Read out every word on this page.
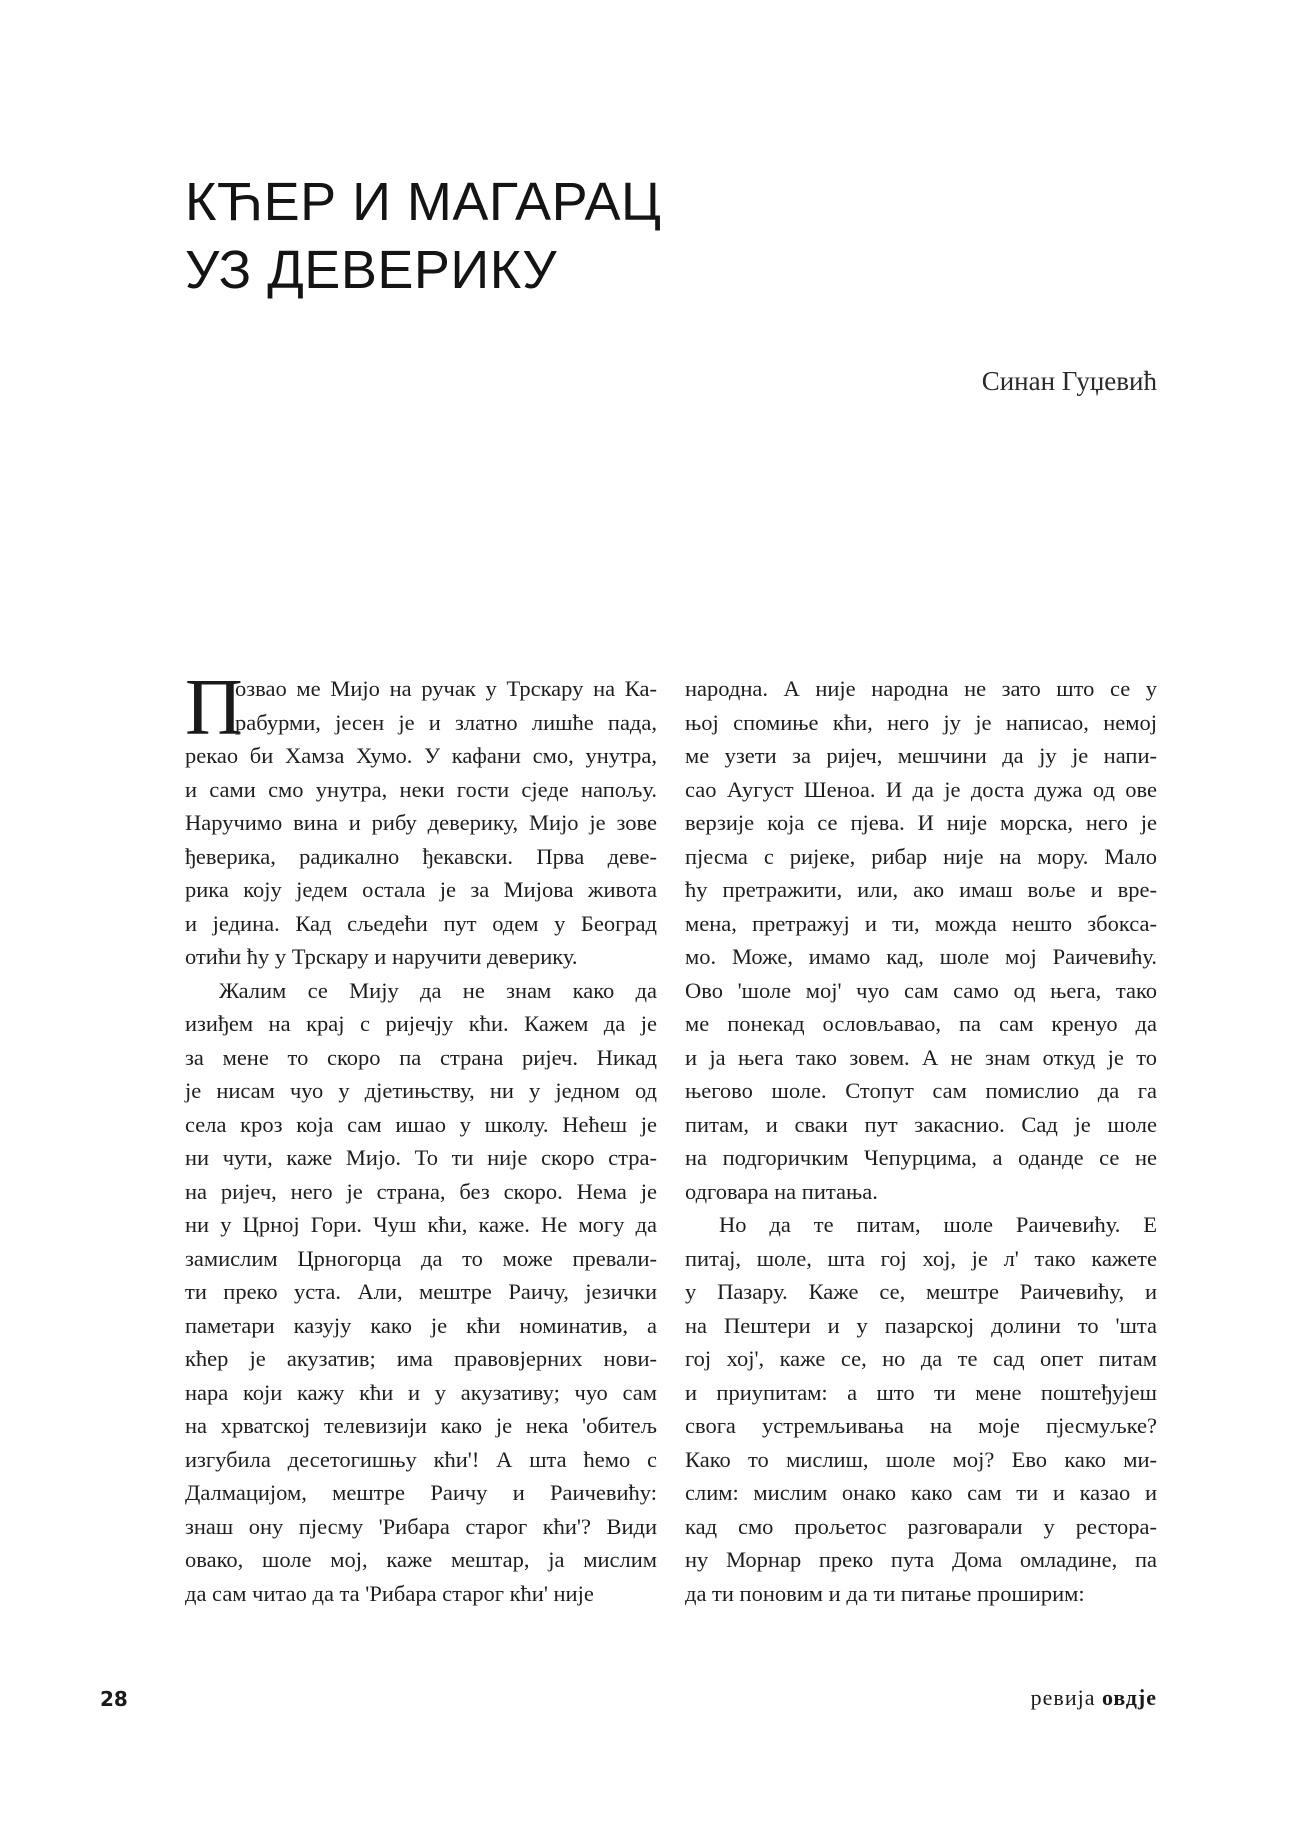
КЋЕР И МАГАРАЦ
УЗ ДЕВЕРИКУ
Синан Гуџевић
П
озвао ме Мијо на ручак у Трскару на Ка-
рабурми, јесен је и златно лишће пада,
рекао би Хамза Хумо. У кафани смо, унутра,
и сами смо унутра, неки гости сједе напољу.
Наручимо вина и рибу деверику, Мијо је зове
ђеверика, радикално ђекавски. Прва деве-
рика коју једем остала је за Мијова живота
и једина. Кад сљедећи пут одем у Београд
отићи ћу у Трскару и наручити деверику.
Жалим се Мију да не знам како да
изиђем на крај с ријечју кћи. Кажем да је
за мене то скоро па страна ријеч. Никад
је нисам чуо у дјетињству, ни у једном од
села кроз која сам ишао у школу. Нећеш је
ни чути, каже Мијо. То ти није скоро стра-
на ријеч, него је страна, без скоро. Нема је
ни у Црној Гори. Чуш кћи, каже. Не могу да
замислим Црногорца да то може превали-
ти преко уста. Али, мештре Раичу, језички
паметари казују како је кћи номинатив, а
кћер је акузатив; има правовјерних нови-
нара који кажу кћи и у акузативу; чуо сам
на хрватској телевизији како је нека 'обитељ
изгубила десетогишњу кћи'! А шта ћемо с
Далмацијом, мештре Раичу и Раичевићу:
знаш ону пјесму 'Рибара старог кћи'? Види
овако, шоле мој, каже мештар, ја мислим
да сам читао да та 'Рибара старог кћи' није
народна. А није народна не зато што се у
њој спомиње кћи, него ју је написао, немој
ме узети за ријеч, мешчини да ју је напи-
сао Аугуст Шеноа. И да је доста дужа од ове
верзије која се пјева. И није морска, него је
пјесма с ријеке, рибар није на мору. Мало
ћу претражити, или, ако имаш воље и вре-
мена, претражуј и ти, можда нешто збокса-
мо. Може, имамо кад, шоле мој Раичевићу.
Ово 'шоле мој' чуо сам само од њега, тако
ме понекад ословљавао, па сам кренуо да
и ја њега тако зовем. А не знам откуд је то
његово шоле. Стопут сам помислио да га
питам, и сваки пут закаснио. Сад је шоле
на подгоричким Чепурцима, а оданде се не
одговара на питања.
Но да те питам, шоле Раичевићу. Е
питај, шоле, шта гој хој, је л' тако кажете
у Пазару. Каже се, мештре Раичевићу, и
на Пештери и у пазарској долини то 'шта
гој хој', каже се, но да те сад опет питам
и приупитам: а што ти мене поштеђујеш
свога устремљивања на моје пјесмуљке?
Како то мислиш, шоле мој? Ево како ми-
слим: мислим онако како сам ти и казао и
кад смо прољетос разговарали у рестора-
ну Морнар преко пута Дома омладине, па
да ти поновим и да ти питање проширим:
28	ревија овдје
